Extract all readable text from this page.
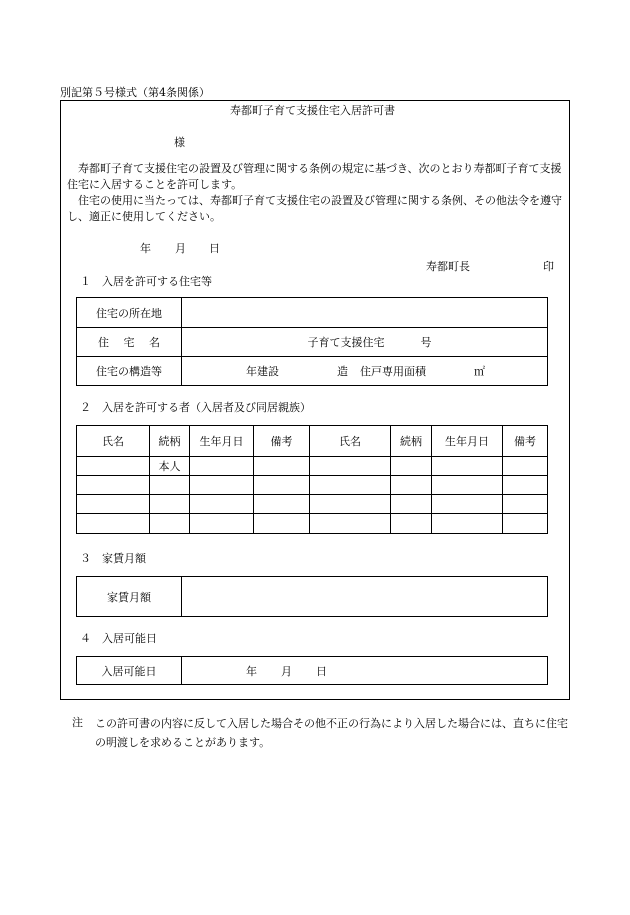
別記第５号様式（第4条関係）
寿都町子育て支援住宅入居許可書
様
寿都町子育て支援住宅の設置及び管理に関する条例の規定に基づき、次のとおり寿都町子育て支援住宅に入居することを許可します。
住宅の使用に当たっては、寿都町子育て支援住宅の設置及び管理に関する条例、その他法令を遵守し、適正に使用してください。
年 月 日
寿都町長	印
１　入居を許可する住宅等
住宅の所在地	
住　 宅　 名	子育て支援住宅 号
住宅の構造等	年建設 造 住戸専用面積 ㎡
２　入居を許可する者（入居者及び同居親族）
氏名	続柄	生年月日	備考	氏名	続柄	生年月日	備考
	本人						

３　家賃月額
家賃月額	
４　入居可能日
入居可能日	年 月 日
注 この許可書の内容に反して入居した場合その他不正の行為により入居した場合には、直ちに住宅の明渡しを求めることがあります。
